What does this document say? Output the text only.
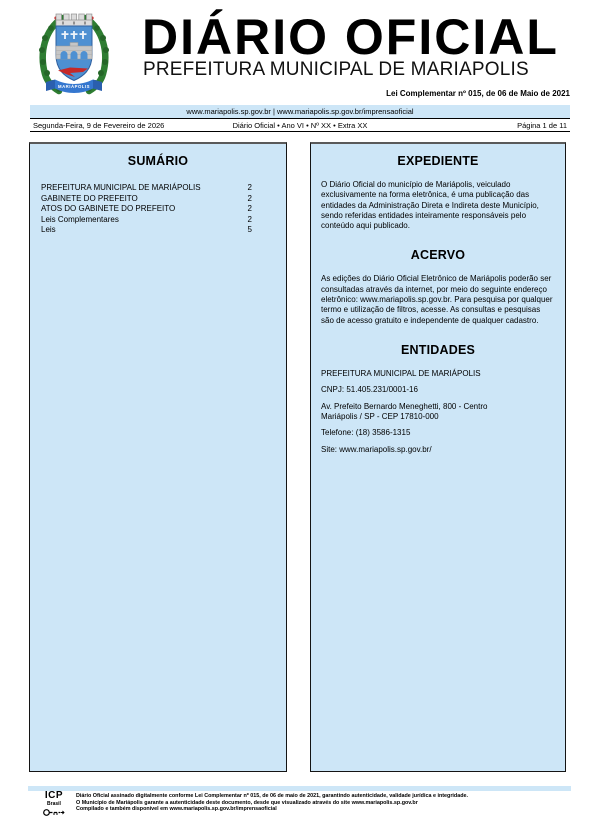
MARIÁPOLIS
DIÁRIO OFICIAL
PREFEITURA MUNICIPAL DE MARIAPOLIS
Lei Complementar nº 015, de 06 de Maio de 2021
www.mariapolis.sp.gov.br | www.mariapolis.sp.gov.br/imprensaoficial
Segunda-Feira, 9 de Fevereiro de 2026	Diário Oficial • Ano VI • Nº XX • Extra XX	Página 1 de 11
SUMÁRIO
PREFEITURA MUNICIPAL DE MARIÁPOLIS	2
GABINETE DO PREFEITO	2
ATOS DO GABINETE DO PREFEITO	2
Leis Complementares	2
Leis	5
EXPEDIENTE

O Diário Oficial do município de Mariápolis, veiculado exclusivamente na forma eletrônica, é uma publicação das entidades da Administração Direta e Indireta deste Município, sendo referidas entidades inteiramente responsáveis pelo conteúdo aqui publicado.

ACERVO

As edições do Diário Oficial Eletrônico de Mariápolis poderão ser consultadas através da internet, por meio do seguinte endereço eletrônico: www.mariapolis.sp.gov.br. Para pesquisa por qualquer termo e utilização de filtros, acesse. As consultas e pesquisas são de acesso gratuito e independente de qualquer cadastro.

ENTIDADES

PREFEITURA MUNICIPAL DE MARIÁPOLIS

CNPJ: 51.405.231/0001-16

Av. Prefeito Bernardo Meneghetti, 800 - Centro

Mariápolis / SP - CEP 17810-000

Telefone: (18) 3586-1315

Site: www.mariapolis.sp.gov.br/

ICP
Brasil
Diário Oficial assinado digitalmente conforme Lei Complementar nº 015, de 06 de maio de 2021, garantindo autenticidade, validade jurídica e integridade.
O Município de Mariápolis garante a autenticidade deste documento, desde que visualizado através do site www.mariapolis.sp.gov.br
Compilado e também disponível em www.mariapolis.sp.gov.br/imprensaoficial
